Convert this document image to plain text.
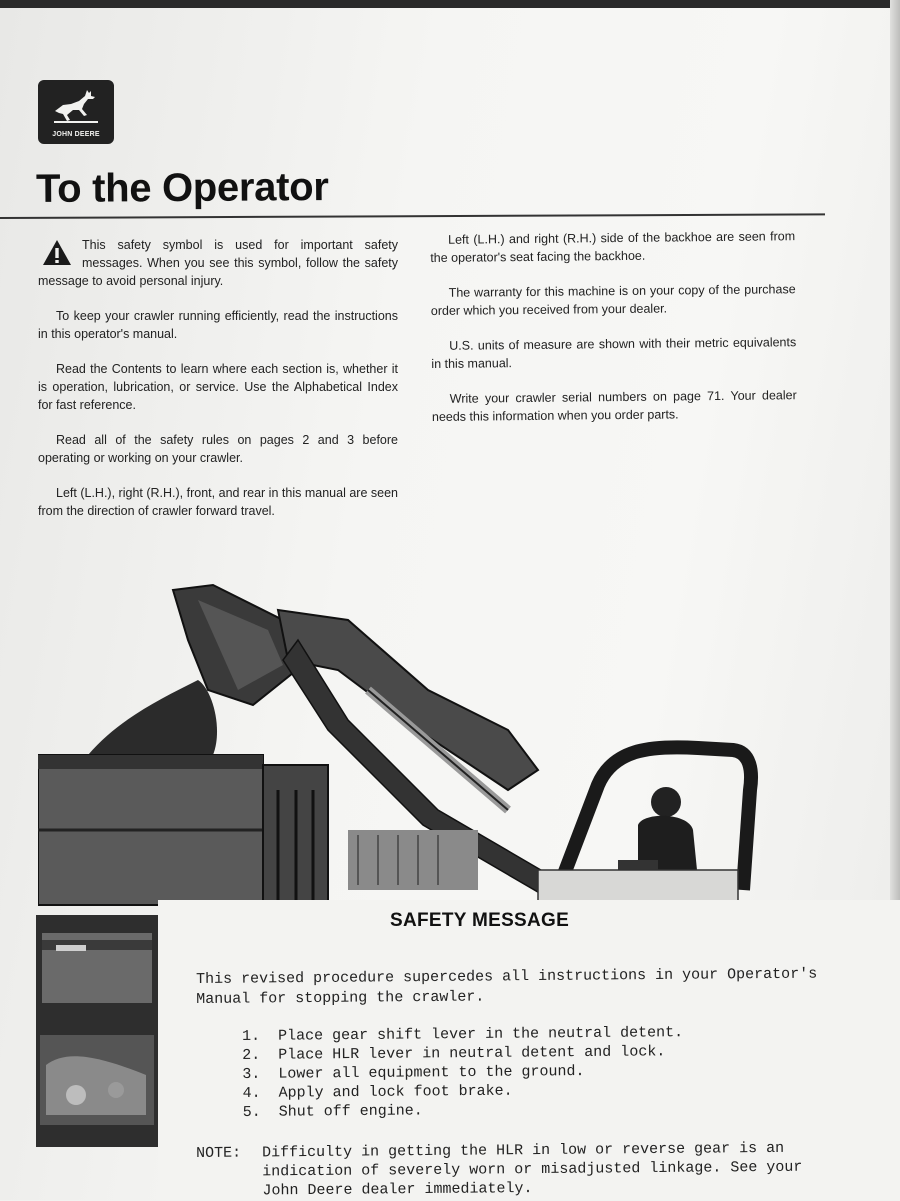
JOHN DEERE
To the Operator

This safety symbol is used for important safety messages. When you see this symbol, follow the safety message to avoid personal injury.

To keep your crawler running efficiently, read the instructions in this operator's manual.

Read the Contents to learn where each section is, whether it is operation, lubrication, or service. Use the Alphabetical Index for fast reference.

Read all of the safety rules on pages 2 and 3 before operating or working on your crawler.

Left (L.H.), right (R.H.), front, and rear in this manual are seen from the direction of crawler forward travel.

Left (L.H.) and right (R.H.) side of the backhoe are seen from the operator's seat facing the backhoe.

The warranty for this machine is on your copy of the purchase order which you received from your dealer.

U.S. units of measure are shown with their metric equivalents in this manual.

Write your crawler serial numbers on page 71. Your dealer needs this information when you order parts.

SAFETY MESSAGE
This revised procedure supercedes all instructions in your Operator's Manual for stopping the crawler.
1. Place gear shift lever in the neutral detent.
2. Place HLR lever in neutral detent and lock.
3. Lower all equipment to the ground.
4. Apply and lock foot brake.
5. Shut off engine.
NOTE: Difficulty in getting the HLR in low or reverse gear is an indication of severely worn or misadjusted linkage. See your John Deere dealer immediately.
